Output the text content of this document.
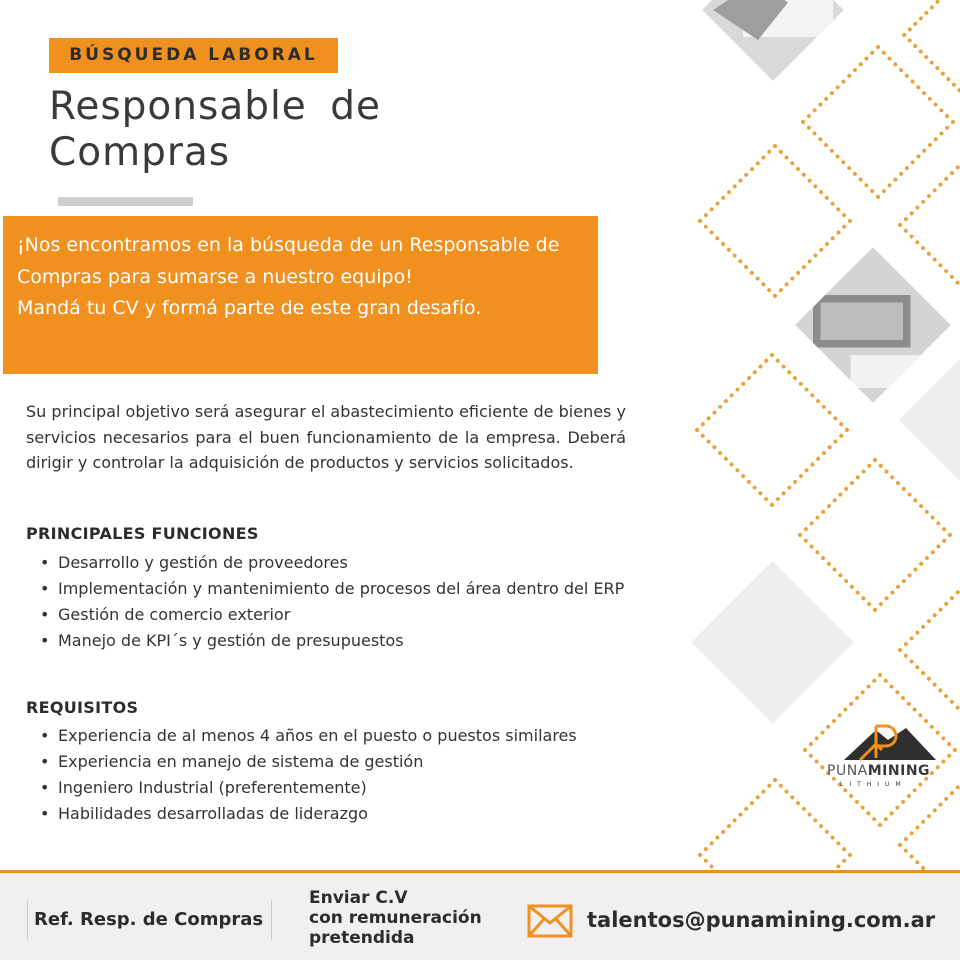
BÚSQUEDA LABORAL
Responsable de
Compras

¡Nos encontramos en la búsqueda de un Responsable de Compras para sumarse a nuestro equipo!

Mandá tu CV y formá parte de este gran desafío.

Su principal objetivo será asegurar el abastecimiento eficiente de bienes y servicios necesarios para el buen funcionamiento de la empresa. Deberá dirigir y controlar la adquisición de productos y servicios solicitados.

PRINCIPALES FUNCIONES
• Desarrollo y gestión de proveedores
• Implementación y mantenimiento de procesos del área dentro del ERP
• Gestión de comercio exterior
• Manejo de KPI´s y gestión de presupuestos
REQUISITOS
• Experiencia de al menos 4 años en el puesto o puestos similares
• Experiencia en manejo de sistema de gestión
• Ingeniero Industrial (preferentemente)
• Habilidades desarrolladas de liderazgo
PUNAMINING
LITHIUM
Ref. Resp. de Compras
Enviar C.V
con remuneración
pretendida
talentos@punamining.com.ar
